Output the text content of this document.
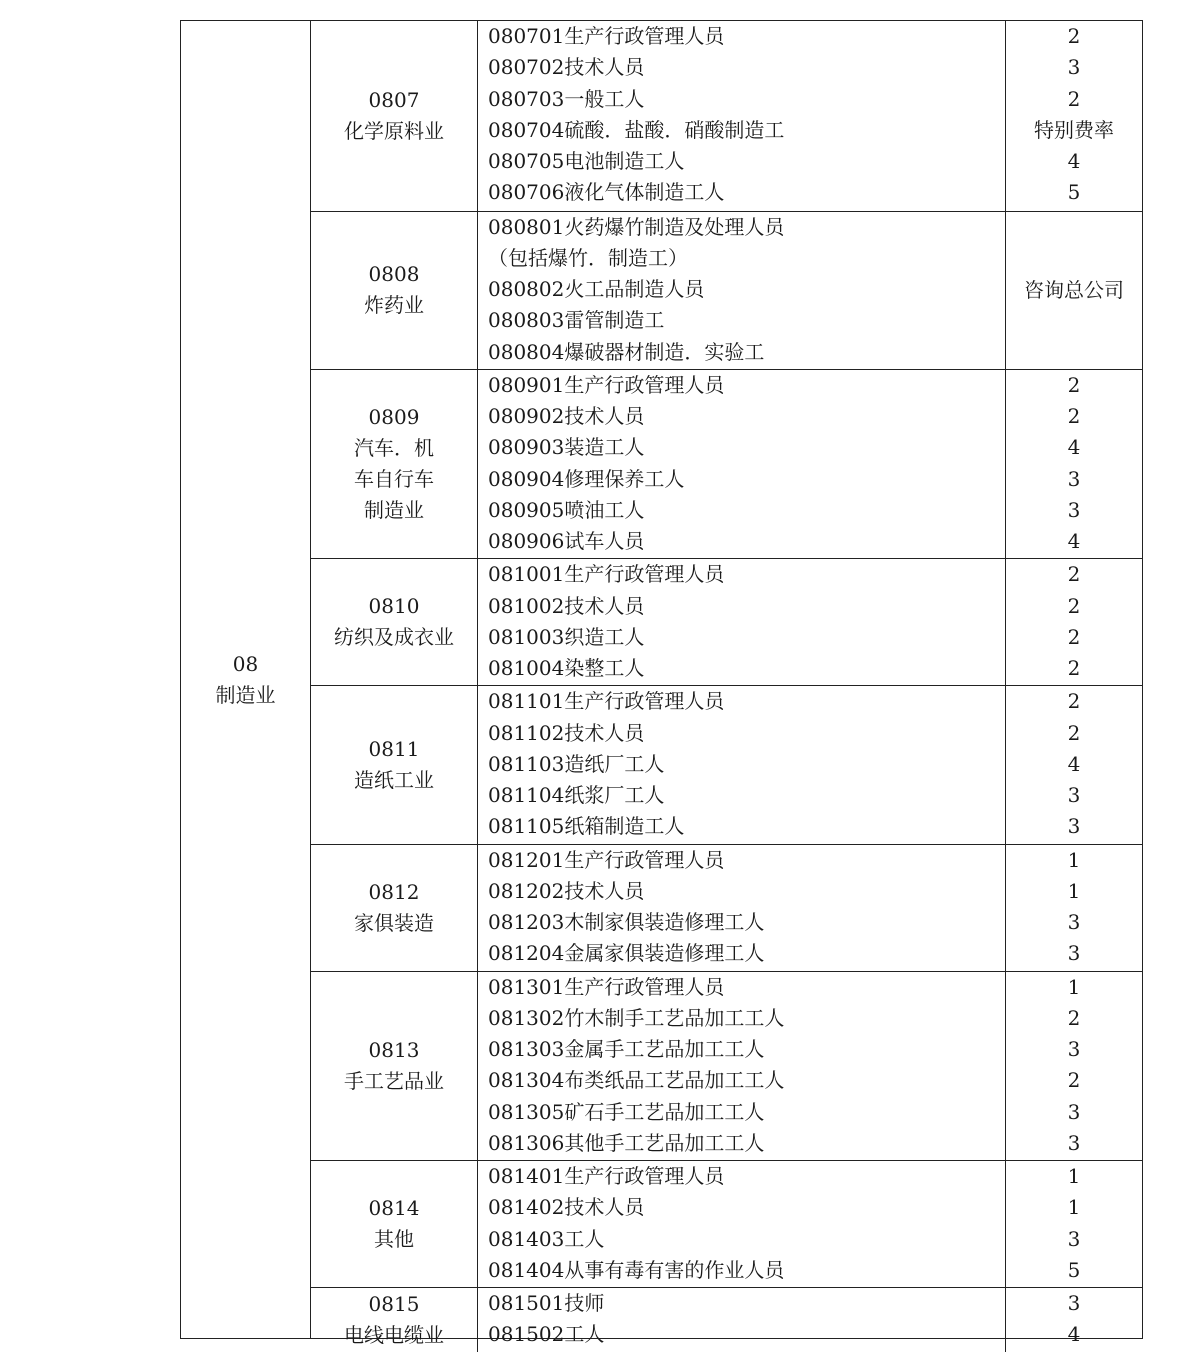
08
制造业
0807
化学原料业
080701生产行政管理人员
080702技术人员
080703一般工人
080704硫酸．盐酸．硝酸制造工
080705电池制造工人
080706液化气体制造工人
2
3
2
特别费率
4
5
0808
炸药业
080801火药爆竹制造及处理人员
（包括爆竹．制造工）
080802火工品制造人员
080803雷管制造工
080804爆破器材制造．实验工
咨询总公司
0809
汽车．机
车自行车
制造业
080901生产行政管理人员
080902技术人员
080903装造工人
080904修理保养工人
080905喷油工人
080906试车人员
2
2
4
3
3
4
0810
纺织及成衣业
081001生产行政管理人员
081002技术人员
081003织造工人
081004染整工人
2
2
2
2
0811
造纸工业
081101生产行政管理人员
081102技术人员
081103造纸厂工人
081104纸浆厂工人
081105纸箱制造工人
2
2
4
3
3
0812
家俱装造
081201生产行政管理人员
081202技术人员
081203木制家俱装造修理工人
081204金属家俱装造修理工人
1
1
3
3
0813
手工艺品业
081301生产行政管理人员
081302竹木制手工艺品加工工人
081303金属手工艺品加工工人
081304布类纸品工艺品加工工人
081305矿石手工艺品加工工人
081306其他手工艺品加工工人
1
2
3
2
3
3
0814
其他
081401生产行政管理人员
081402技术人员
081403工人
081404从事有毒有害的作业人员
1
1
3
5
0815
电线电缆业
081501技师
081502工人
3
4
